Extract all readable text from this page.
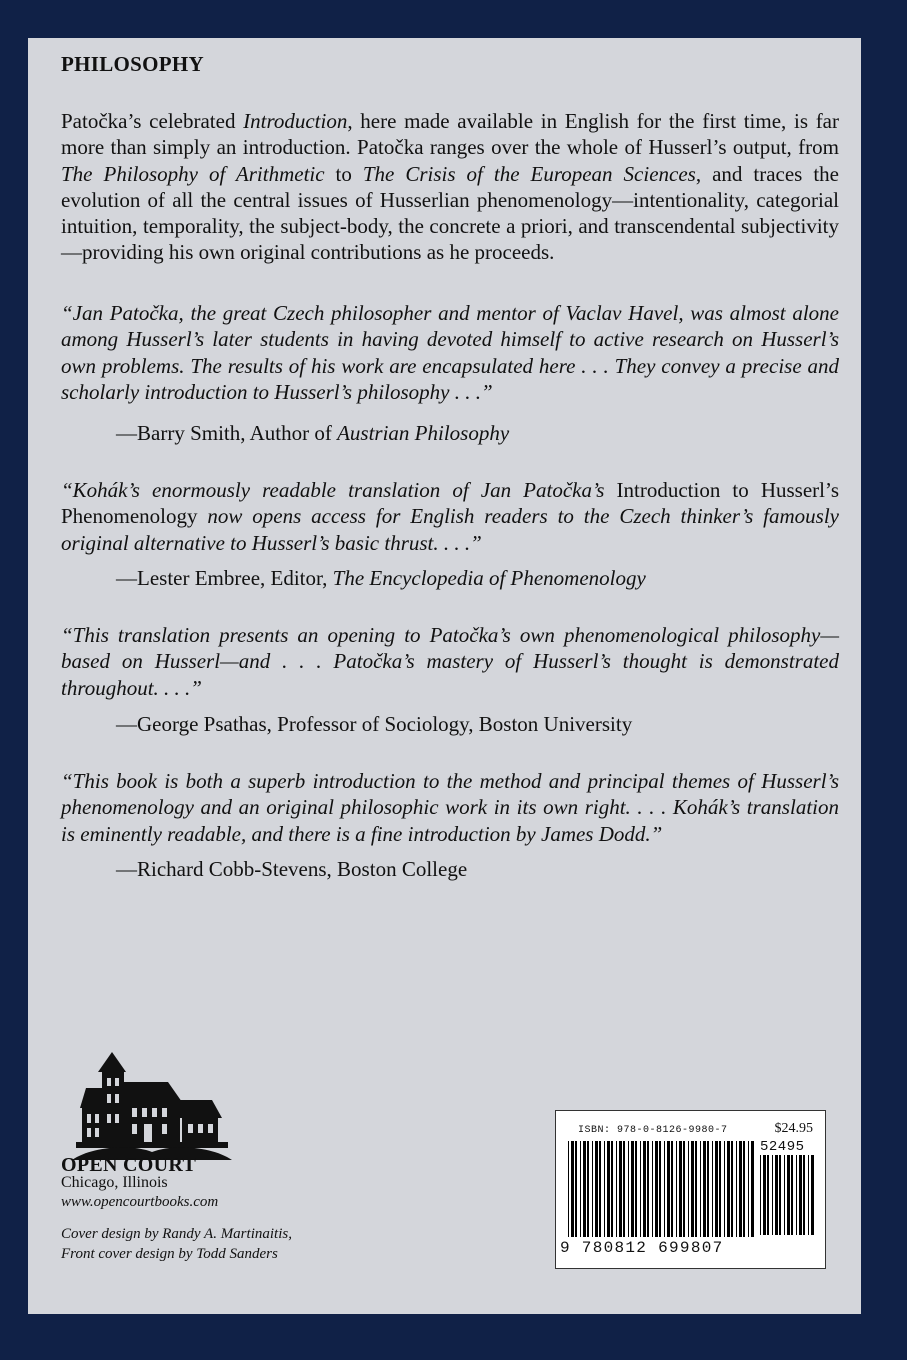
PHILOSOPHY
Patočka’s celebrated Introduction, here made available in English for the first time, is far more than simply an introduction. Patočka ranges over the whole of Husserl’s output, from The Philosophy of Arithmetic to The Crisis of the European Sciences, and traces the evolution of all the central issues of Husserlian phenomenology—intentionality, categorial intuition, temporality, the subject-body, the concrete a priori, and transcendental subjectivity—providing his own original contributions as he proceeds.
“Jan Patočka, the great Czech philosopher and mentor of Vaclav Havel, was almost alone among Husserl’s later students in having devoted himself to active research on Husserl’s own problems. The results of his work are encapsulated here . . . They convey a precise and scholarly introduction to Husserl’s philosophy . . .”
—Barry Smith, Author of Austrian Philosophy
“Kohák’s enormously readable translation of Jan Patočka’s Introduction to Husserl’s Phenomenology now opens access for English readers to the Czech thinker’s famously original alternative to Husserl’s basic thrust. . . .”
—Lester Embree, Editor, The Encyclopedia of Phenomenology
“This translation presents an opening to Patočka’s own phenomenological philosophy—based on Husserl—and . . . Patočka’s mastery of Husserl’s thought is demonstrated throughout. . . .”
—George Psathas, Professor of Sociology, Boston University
“This book is both a superb introduction to the method and principal themes of Husserl’s phenomenology and an original philosophic work in its own right. . . . Kohák’s translation is eminently readable, and there is a fine introduction by James Dodd.”
—Richard Cobb-Stevens, Boston College
OPEN COURT
Chicago, Illinois
www.opencourtbooks.com
Cover design by Randy A. Martinaitis,
Front cover design by Todd Sanders
ISBN: 978-0-8126-9980-7	$24.95
52495
9 780812 699807
